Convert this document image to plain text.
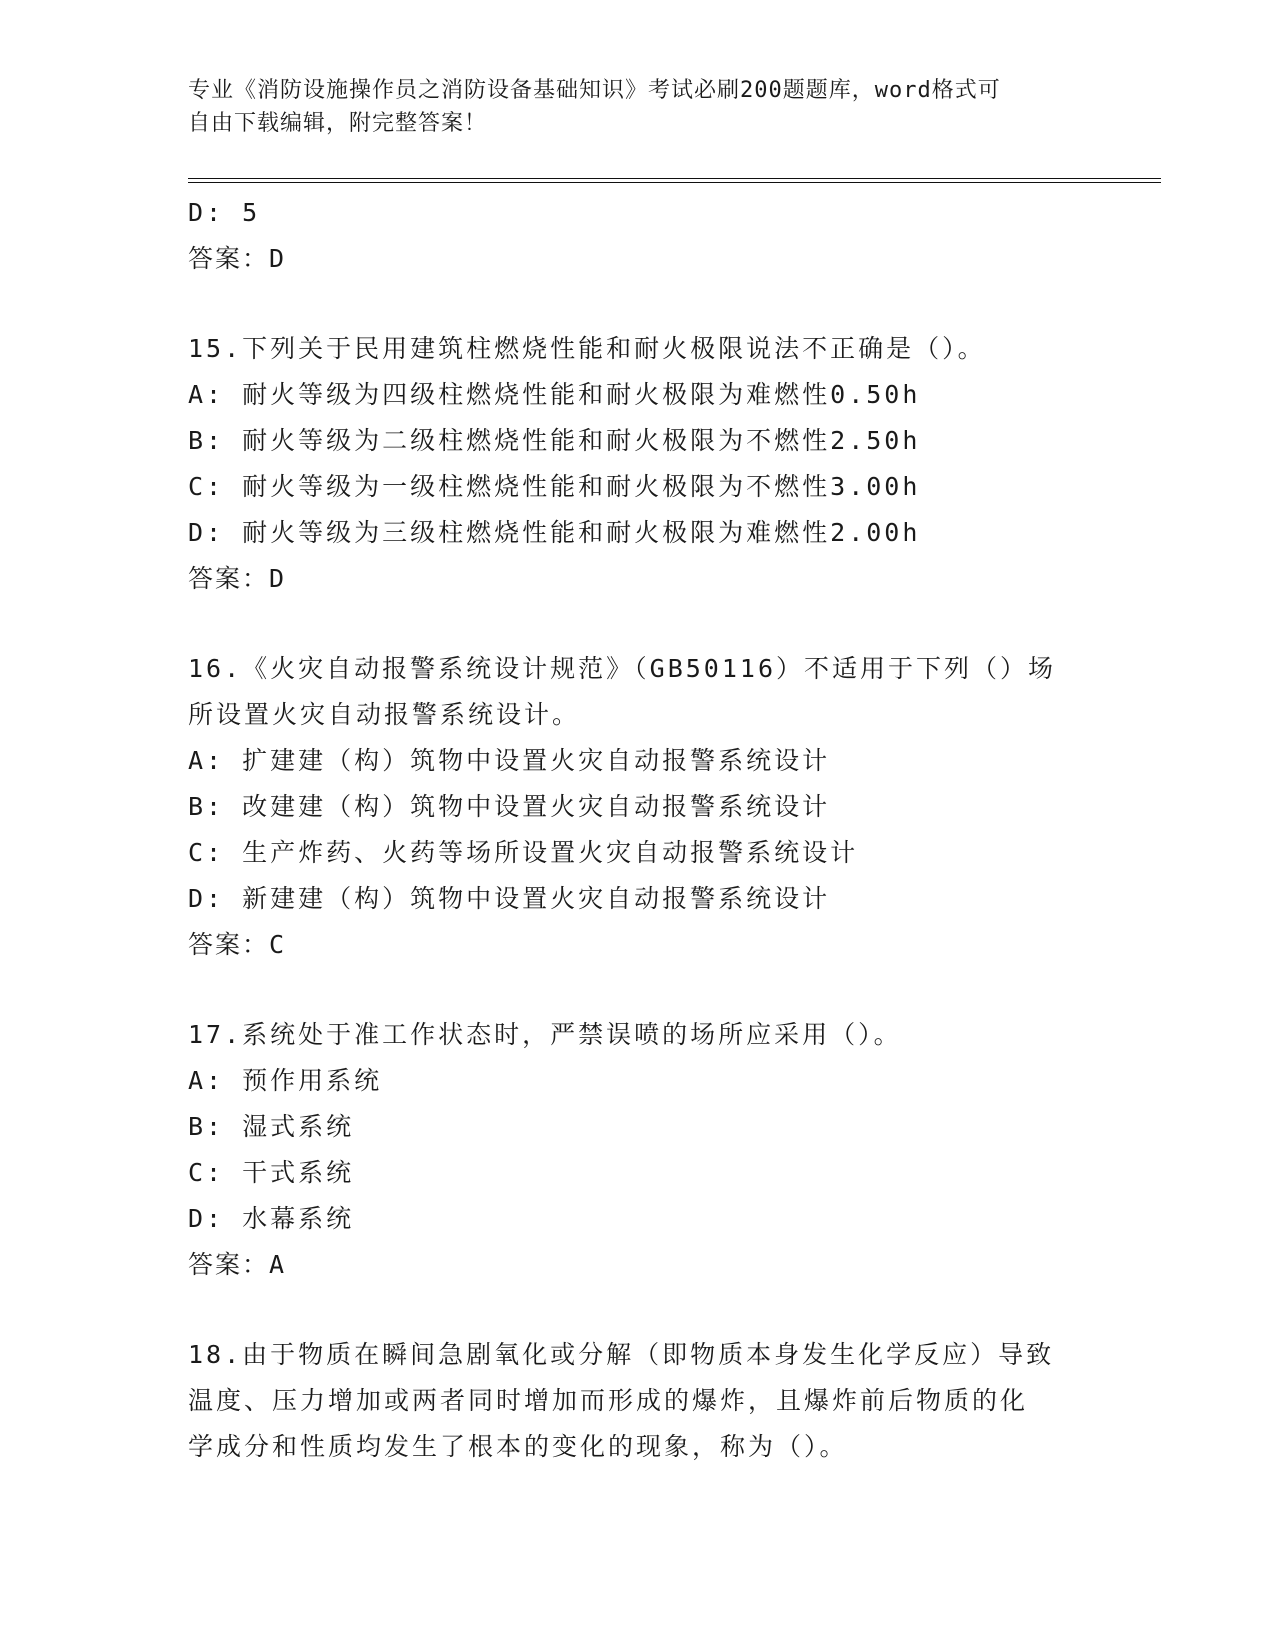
专业《消防设施操作员之消防设备基础知识》考试必刷200题题库，word格式可
自由下载编辑，附完整答案！
D: 5
答案：D
15.下列关于民用建筑柱燃烧性能和耐火极限说法不正确是（）。
A: 耐火等级为四级柱燃烧性能和耐火极限为难燃性0.50h
B: 耐火等级为二级柱燃烧性能和耐火极限为不燃性2.50h
C: 耐火等级为一级柱燃烧性能和耐火极限为不燃性3.00h
D: 耐火等级为三级柱燃烧性能和耐火极限为难燃性2.00h
答案：D
16.《火灾自动报警系统设计规范》（GB50116）不适用于下列（）场
所设置火灾自动报警系统设计。
A: 扩建建（构）筑物中设置火灾自动报警系统设计
B: 改建建（构）筑物中设置火灾自动报警系统设计
C: 生产炸药、火药等场所设置火灾自动报警系统设计
D: 新建建（构）筑物中设置火灾自动报警系统设计
答案：C
17.系统处于准工作状态时，严禁误喷的场所应采用（）。
A: 预作用系统
B: 湿式系统
C: 干式系统
D: 水幕系统
答案：A
18.由于物质在瞬间急剧氧化或分解（即物质本身发生化学反应）导致
温度、压力增加或两者同时增加而形成的爆炸，且爆炸前后物质的化
学成分和性质均发生了根本的变化的现象，称为（）。
